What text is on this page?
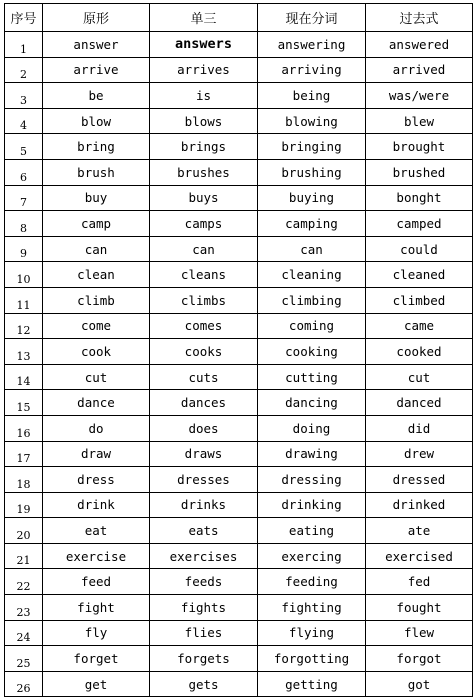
序号	原形	单三	现在分词	过去式
1	answer	answers	answering	answered
2	arrive	arrives	arriving	arrived
3	be	is	being	was/were
4	blow	blows	blowing	blew
5	bring	brings	bringing	brought
6	brush	brushes	brushing	brushed
7	buy	buys	buying	bonght
8	camp	camps	camping	camped
9	can	can	can	could
10	clean	cleans	cleaning	cleaned
11	climb	climbs	climbing	climbed
12	come	comes	coming	came
13	cook	cooks	cooking	cooked
14	cut	cuts	cutting	cut
15	dance	dances	dancing	danced
16	do	does	doing	did
17	draw	draws	drawing	drew
18	dress	dresses	dressing	dressed
19	drink	drinks	drinking	drinked
20	eat	eats	eating	ate
21	exercise	exercises	exercing	exercised
22	feed	feeds	feeding	fed
23	fight	fights	fighting	fought
24	fly	flies	flying	flew
25	forget	forgets	forgotting	forgot
26	get	gets	getting	got
